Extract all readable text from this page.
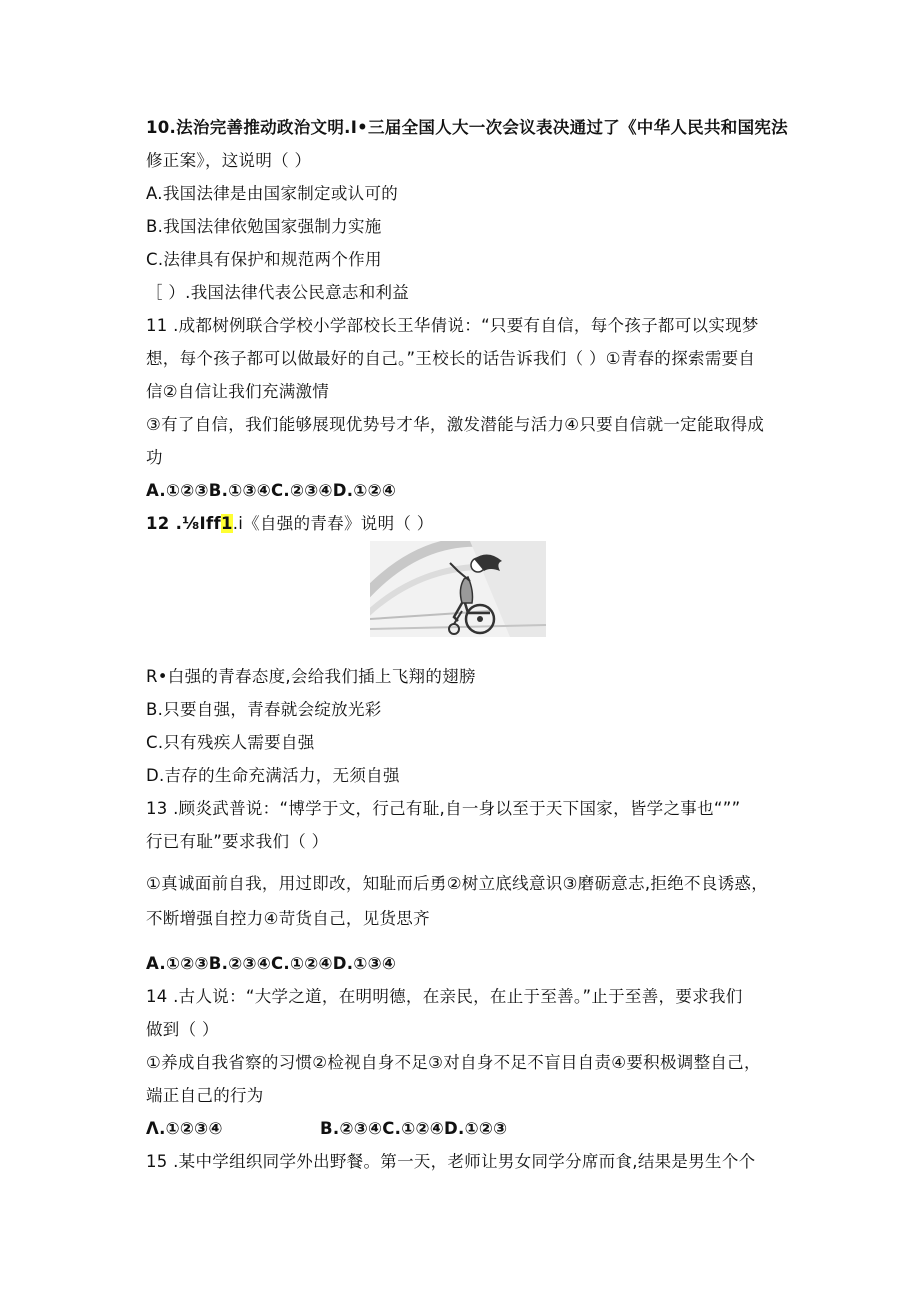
10.法治完善推动政治文明.I•三届全国人大一次会议表决通过了《中华人民共和国宪法
修正案》，这说明（ ）
A.我国法律是由国家制定或认可的
B.我国法律依勉国家强制力实施
C.法律具有保护和规范两个作用
［ ）.我国法律代表公民意志和利益
11 .成都树例联合学校小学部校长王华倩说：“只要有自信，每个孩子都可以实现梦
想，每个孩子都可以做最好的自己。”王校长的话告诉我们（ ）①青春的探索需要自
信②自信让我们充满激情
③有了自信，我们能够展现优势号才华，激发潜能与活力④只要自信就一定能取得成
功
A.①②③B.①③④C.②③④D.①②④
12 .⅛Iff1.i《自强的青春》说明（ ）
R•白强的青春态度,会给我们插上飞翔的翅膀
B.只要自强，青春就会绽放光彩
C.只有残疾人需要自强
D.吉存的生命充满活力，无须自强
13 .顾炎武普说：“博学于文，行己有耻,自一身以至于天下国家，皆学之事也“””
行已有耻”要求我们（ ）
①真诚面前自我，用过即改，知耻而后勇②树立底线意识③磨砺意志,拒绝不良诱惑，
不断增强自控力④苛货自己，见货思齐
A.①②③B.②③④C.①②④D.①③④
14 .古人说：“大学之道，在明明德，在亲民，在止于至善。”止于至善，要求我们
做到（ ）
①养成自我省察的习惯②检视自身不足③对自身不足不盲目自责④要积极调整自己，
端正自己的行为
Λ.①②③④	B.②③④C.①②④D.①②③
15 .某中学组织同学外出野餐。第一天，老师让男女同学分席而食,结果是男生个个
